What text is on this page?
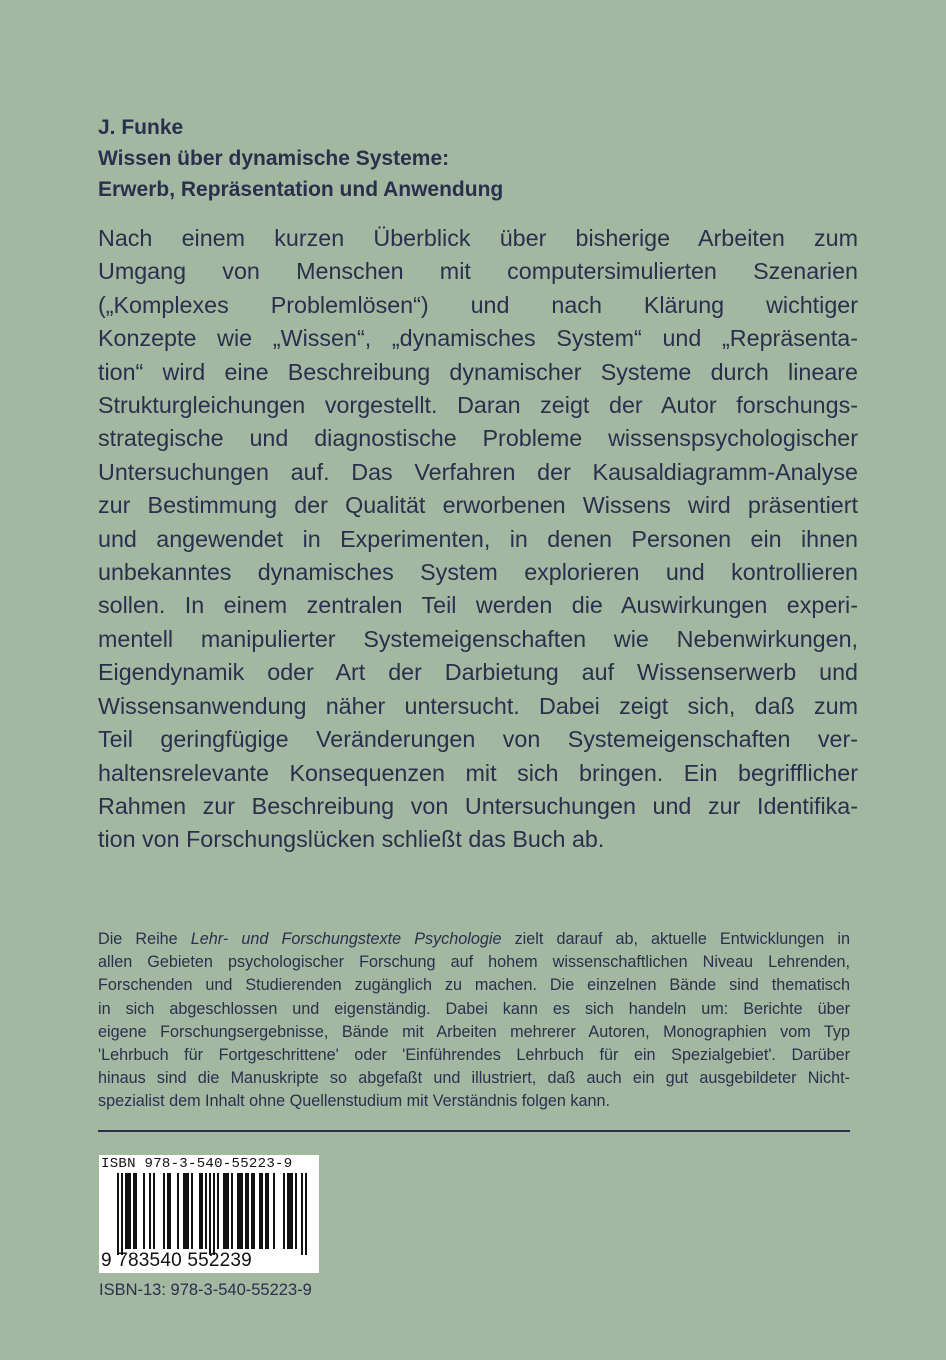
J. Funke
Wissen über dynamische Systeme:
Erwerb, Repräsentation und Anwendung
Nach einem kurzen Überblick über bisherige Arbeiten zum
Umgang von Menschen mit computersimulierten Szenarien
(„Komplexes Problemlösen“) und nach Klärung wichtiger
Konzepte wie „Wissen“, „dynamisches System“ und „Repräsenta-
tion“ wird eine Beschreibung dynamischer Systeme durch lineare
Strukturgleichungen vorgestellt. Daran zeigt der Autor forschungs-
strategische und diagnostische Probleme wissenspsychologischer
Untersuchungen auf. Das Verfahren der Kausaldiagramm-Analyse
zur Bestimmung der Qualität erworbenen Wissens wird präsentiert
und angewendet in Experimenten, in denen Personen ein ihnen
unbekanntes dynamisches System explorieren und kontrollieren
sollen. In einem zentralen Teil werden die Auswirkungen experi-
mentell manipulierter Systemeigenschaften wie Nebenwirkungen,
Eigendynamik oder Art der Darbietung auf Wissenserwerb und
Wissensanwendung näher untersucht. Dabei zeigt sich, daß zum
Teil geringfügige Veränderungen von Systemeigenschaften ver-
haltensrelevante Konsequenzen mit sich bringen. Ein begrifflicher
Rahmen zur Beschreibung von Untersuchungen und zur Identifika-
tion von Forschungslücken schließt das Buch ab.
Die Reihe Lehr- und Forschungstexte Psychologie zielt darauf ab, aktuelle Entwicklungen in
allen Gebieten psychologischer Forschung auf hohem wissenschaftlichen Niveau Lehrenden,
Forschenden und Studierenden zugänglich zu machen. Die einzelnen Bände sind thematisch
in sich abgeschlossen und eigenständig. Dabei kann es sich handeln um: Berichte über
eigene Forschungsergebnisse, Bände mit Arbeiten mehrerer Autoren, Monographien vom Typ
'Lehrbuch für Fortgeschrittene' oder 'Einführendes Lehrbuch für ein Spezialgebiet'. Darüber
hinaus sind die Manuskripte so abgefaßt und illustriert, daß auch ein gut ausgebildeter Nicht-
spezialist dem Inhalt ohne Quellenstudium mit Verständnis folgen kann.
ISBN 978-3-540-55223-9
9 783540 552239
ISBN-13: 978-3-540-55223-9
